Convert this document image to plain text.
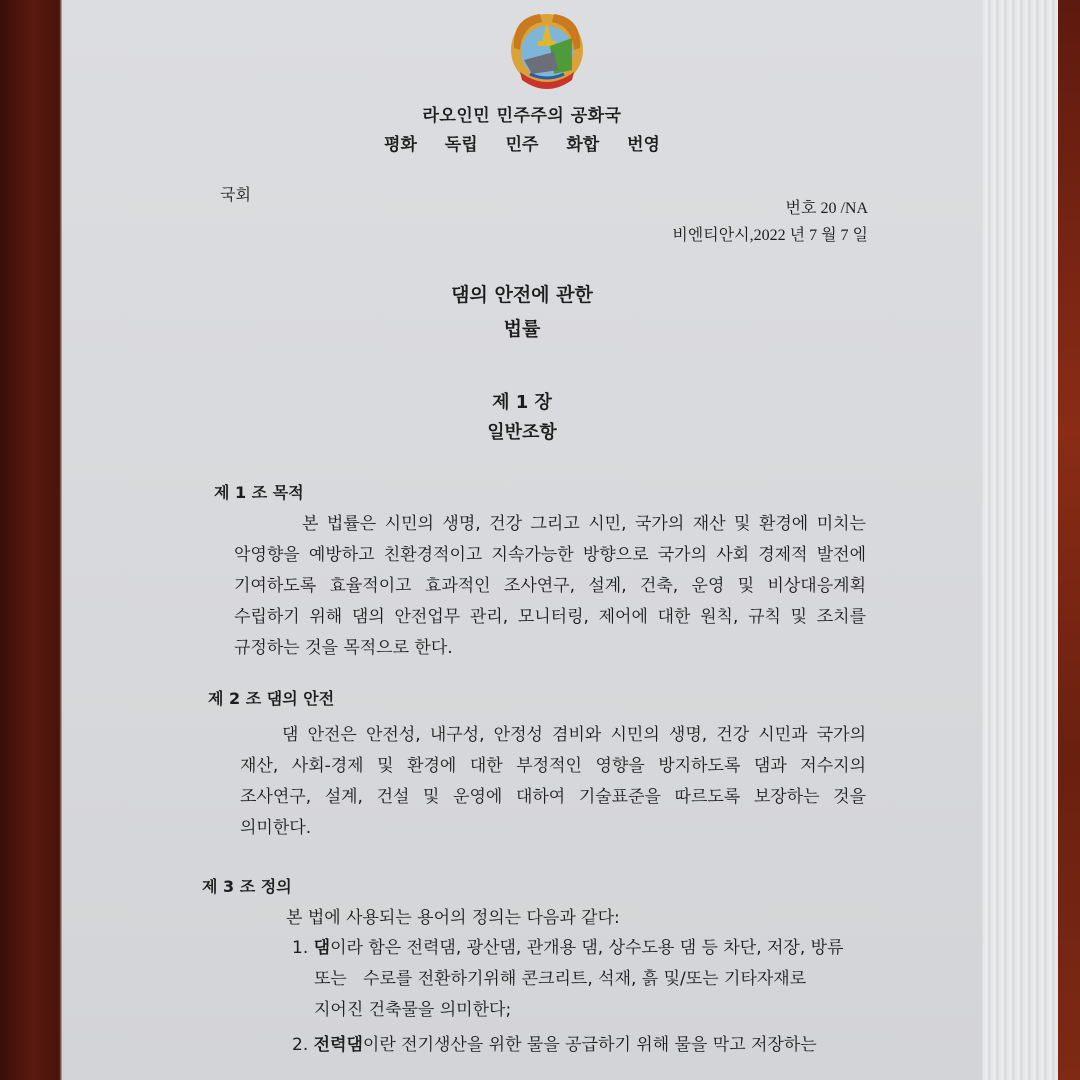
라오인민 민주주의 공화국
평화 독립 민주 화합 번영
국회
번호 20 /NA
비엔티안시,2022 년 7 월 7 일
댐의 안전에 관한
법률
제 1 장
일반조항
제 1 조 목적
본 법률은 시민의 생명, 건강 그리고 시민, 국가의 재산 및 환경에 미치는
악영향을 예방하고 친환경적이고 지속가능한 방향으로 국가의 사회 경제적 발전에
기여하도록 효율적이고 효과적인 조사연구, 설계, 건축, 운영 및 비상대응계획
수립하기 위해 댐의 안전업무 관리, 모니터링, 제어에 대한 원칙, 규칙 및 조치를
규정하는 것을 목적으로 한다.
제 2 조 댐의 안전
댐 안전은 안전성, 내구성, 안정성 겸비와 시민의 생명, 건강 시민과 국가의
재산, 사회-경제 및 환경에 대한 부정적인 영향을 방지하도록 댐과 저수지의
조사연구, 설계, 건설 및 운영에 대하여 기술표준을 따르도록 보장하는 것을
의미한다.
제 3 조 정의
본 법에 사용되는 용어의 정의는 다음과 같다:
1. 댐이라 함은 전력댐, 광산댐, 관개용 댐, 상수도용 댐 등 차단, 저장, 방류
또는   수로를 전환하기위해 콘크리트, 석재, 흙 및/또는 기타자재로
지어진 건축물을 의미한다;
2. 전력댐이란 전기생산을 위한 물을 공급하기 위해 물을 막고 저장하는
